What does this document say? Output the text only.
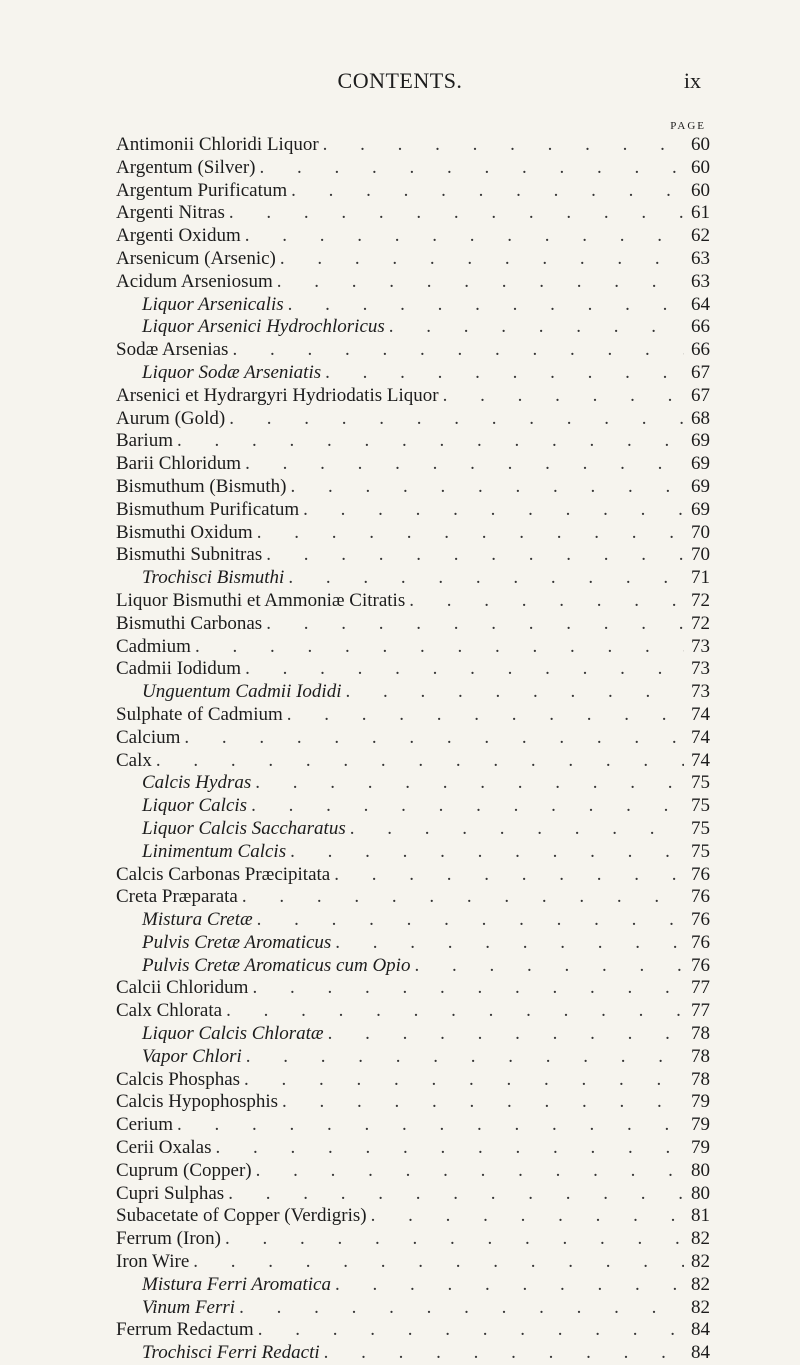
CONTENTS.	ix
PAGE
Antimonii Chloridi Liquor . . .	60
Argentum (Silver) . . .	60
Argentum Purificatum . . .	60
Argenti Nitras . . .	61
Argenti Oxidum . . .	62
Arsenicum (Arsenic) . . .	63
Acidum Arseniosum . . .	63
Liquor Arsenicalis . . .	64
Liquor Arsenici Hydrochloricus . . .	66
Sodæ Arsenias . . .	66
Liquor Sodæ Arseniatis . . .	67
Arsenici et Hydrargyri Hydriodatis Liquor . . .	67
Aurum (Gold) . . .	68
Barium . . .	69
Barii Chloridum . . .	69
Bismuthum (Bismuth) . . .	69
Bismuthum Purificatum . . .	69
Bismuthi Oxidum . . .	70
Bismuthi Subnitras . . .	70
Trochisci Bismuthi . . .	71
Liquor Bismuthi et Ammoniæ Citratis . . .	72
Bismuthi Carbonas . . .	72
Cadmium . . .	73
Cadmii Iodidum . . .	73
Unguentum Cadmii Iodidi . . .	73
Sulphate of Cadmium . . .	74
Calcium . . .	74
Calx . . .	74
Calcis Hydras . . .	75
Liquor Calcis . . .	75
Liquor Calcis Saccharatus . . .	75
Linimentum Calcis . . .	75
Calcis Carbonas Præcipitata . . .	76
Creta Præparata . . .	76
Mistura Cretæ . . .	76
Pulvis Cretæ Aromaticus . . .	76
Pulvis Cretæ Aromaticus cum Opio . . .	76
Calcii Chloridum . . .	77
Calx Chlorata . . .	77
Liquor Calcis Chloratæ . . .	78
Vapor Chlori . . .	78
Calcis Phosphas . . .	78
Calcis Hypophosphis . . .	79
Cerium . . .	79
Cerii Oxalas . . .	79
Cuprum (Copper) . . .	80
Cupri Sulphas . . .	80
Subacetate of Copper (Verdigris) . . .	81
Ferrum (Iron) . . .	82
Iron Wire . . .	82
Mistura Ferri Aromatica . . .	82
Vinum Ferri . . .	82
Ferrum Redactum . . .	84
Trochisci Ferri Redacti . . .	84
